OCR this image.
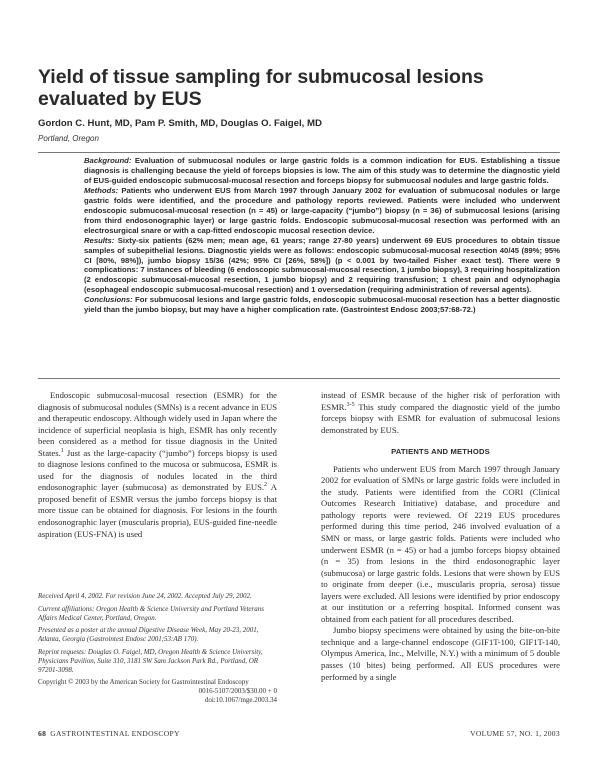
Yield of tissue sampling for submucosal lesions evaluated by EUS

Gordon C. Hunt, MD, Pam P. Smith, MD, Douglas O. Faigel, MD

Portland, Oregon

Background: Evaluation of submucosal nodules or large gastric folds is a common indication for EUS. Establishing a tissue diagnosis is challenging because the yield of forceps biopsies is low. The aim of this study was to determine the diagnostic yield of EUS-guided endoscopic submucosal-mucosal resection and forceps biopsy for submucosal nodules and large gastric folds.

Methods: Patients who underwent EUS from March 1997 through January 2002 for evaluation of submucosal nodules or large gastric folds were identified, and the procedure and pathology reports reviewed. Patients were included who underwent endoscopic submucosal-mucosal resection (n = 45) or large-capacity (“jumbo”) biopsy (n = 36) of submucosal lesions (arising from third endosonographic layer) or large gastric folds. Endoscopic submucosal-mucosal resection was performed with an electrosurgical snare or with a cap-fitted endoscopic mucosal resection device.

Results: Sixty-six patients (62% men; mean age, 61 years; range 27-80 years) underwent 69 EUS procedures to obtain tissue samples of subepithelial lesions. Diagnostic yields were as follows: endoscopic submucosal-mucosal resection 40/45 (89%; 95% CI [80%, 98%]), jumbo biopsy 15/36 (42%; 95% CI [26%, 58%]) (p < 0.001 by two-tailed Fisher exact test). There were 9 complications: 7 instances of bleeding (6 endoscopic submucosal-mucosal resection, 1 jumbo biopsy), 3 requiring hospitalization (2 endoscopic submucosal-mucosal resection, 1 jumbo biopsy) and 2 requiring transfusion; 1 chest pain and odynophagia (esophageal endoscopic submucosal-mucosal resection) and 1 oversedation (requiring administration of reversal agents).

Conclusions: For submucosal lesions and large gastric folds, endoscopic submucosal-mucosal resection has a better diagnostic yield than the jumbo biopsy, but may have a higher complication rate. (Gastrointest Endosc 2003;57:68-72.)

Endoscopic submucosal-mucosal resection (ESMR) for the diagnosis of submucosal nodules (SMNs) is a recent advance in EUS and therapeutic endoscopy. Although widely used in Japan where the incidence of superficial neoplasia is high, ESMR has only recently been considered as a method for tissue diagnosis in the United States.$^1$ Just as the large-capacity (“jumbo”) forceps biopsy is used to diagnose lesions confined to the mucosa or submucosa, ESMR is used for the diagnosis of nodules located in the third endosonographic layer (submucosa) as demonstrated by EUS.$^2$ A proposed benefit of ESMR versus the jumbo forceps biopsy is that more tissue can be obtained for diagnosis. For lesions in the fourth endosonographic layer (muscularis propria), EUS-guided fine-needle aspiration (EUS-FNA) is used

Received April 4, 2002. For revision June 24, 2002. Accepted July 29, 2002.

Current affiliations: Oregon Health & Science University and Portland Veterans Affairs Medical Center, Portland, Oregon.

Presented as a poster at the annual Digestive Disease Week, May 20-23, 2001, Atlanta, Georgia (Gastrointest Endosc 2001;53:AB 170).

Reprint requests: Douglas O. Faigel, MD, Oregon Health & Science University, Physicians Pavilion, Suite 310, 3181 SW Sam Jackson Park Rd., Portland, OR 97201-3098.

Copyright © 2003 by the American Society for Gastrointestinal Endoscopy

0016-5107/2003/$30.00 + 0

doi:10.1067/mge.2003.34

instead of ESMR because of the higher risk of perforation with ESMR.$^{3-5}$ This study compared the diagnostic yield of the jumbo forceps biopsy with ESMR for evaluation of submucosal lesions demonstrated by EUS.

PATIENTS AND METHODS

Patients who underwent EUS from March 1997 through January 2002 for evaluation of SMNs or large gastric folds were included in the study. Patients were identified from the CORI (Clinical Outcomes Research Initiative) database, and procedure and pathology reports were reviewed. Of 2219 EUS procedures performed during this time period, 246 involved evaluation of a SMN or mass, or large gastric folds. Patients were included who underwent ESMR (n = 45) or had a jumbo forceps biopsy obtained (n = 35) from lesions in the third endosonographic layer (submucosa) or large gastric folds. Lesions that were shown by EUS to originate from deeper (i.e., muscularis propria, serosa) tissue layers were excluded. All lesions were identified by prior endoscopy at our institution or a referring hospital. Informed consent was obtained from each patient for all procedures described.

Jumbo biopsy specimens were obtained by using the bite-on-bite technique and a large-channel endoscope (GIF1T-100, GIF1T-140, Olympus America, Inc., Melville, N.Y.) with a minimum of 5 double passes (10 bites) being performed. All EUS procedures were performed by a single

68 GASTROINTESTINAL ENDOSCOPY	VOLUME 57, NO. 1, 2003
